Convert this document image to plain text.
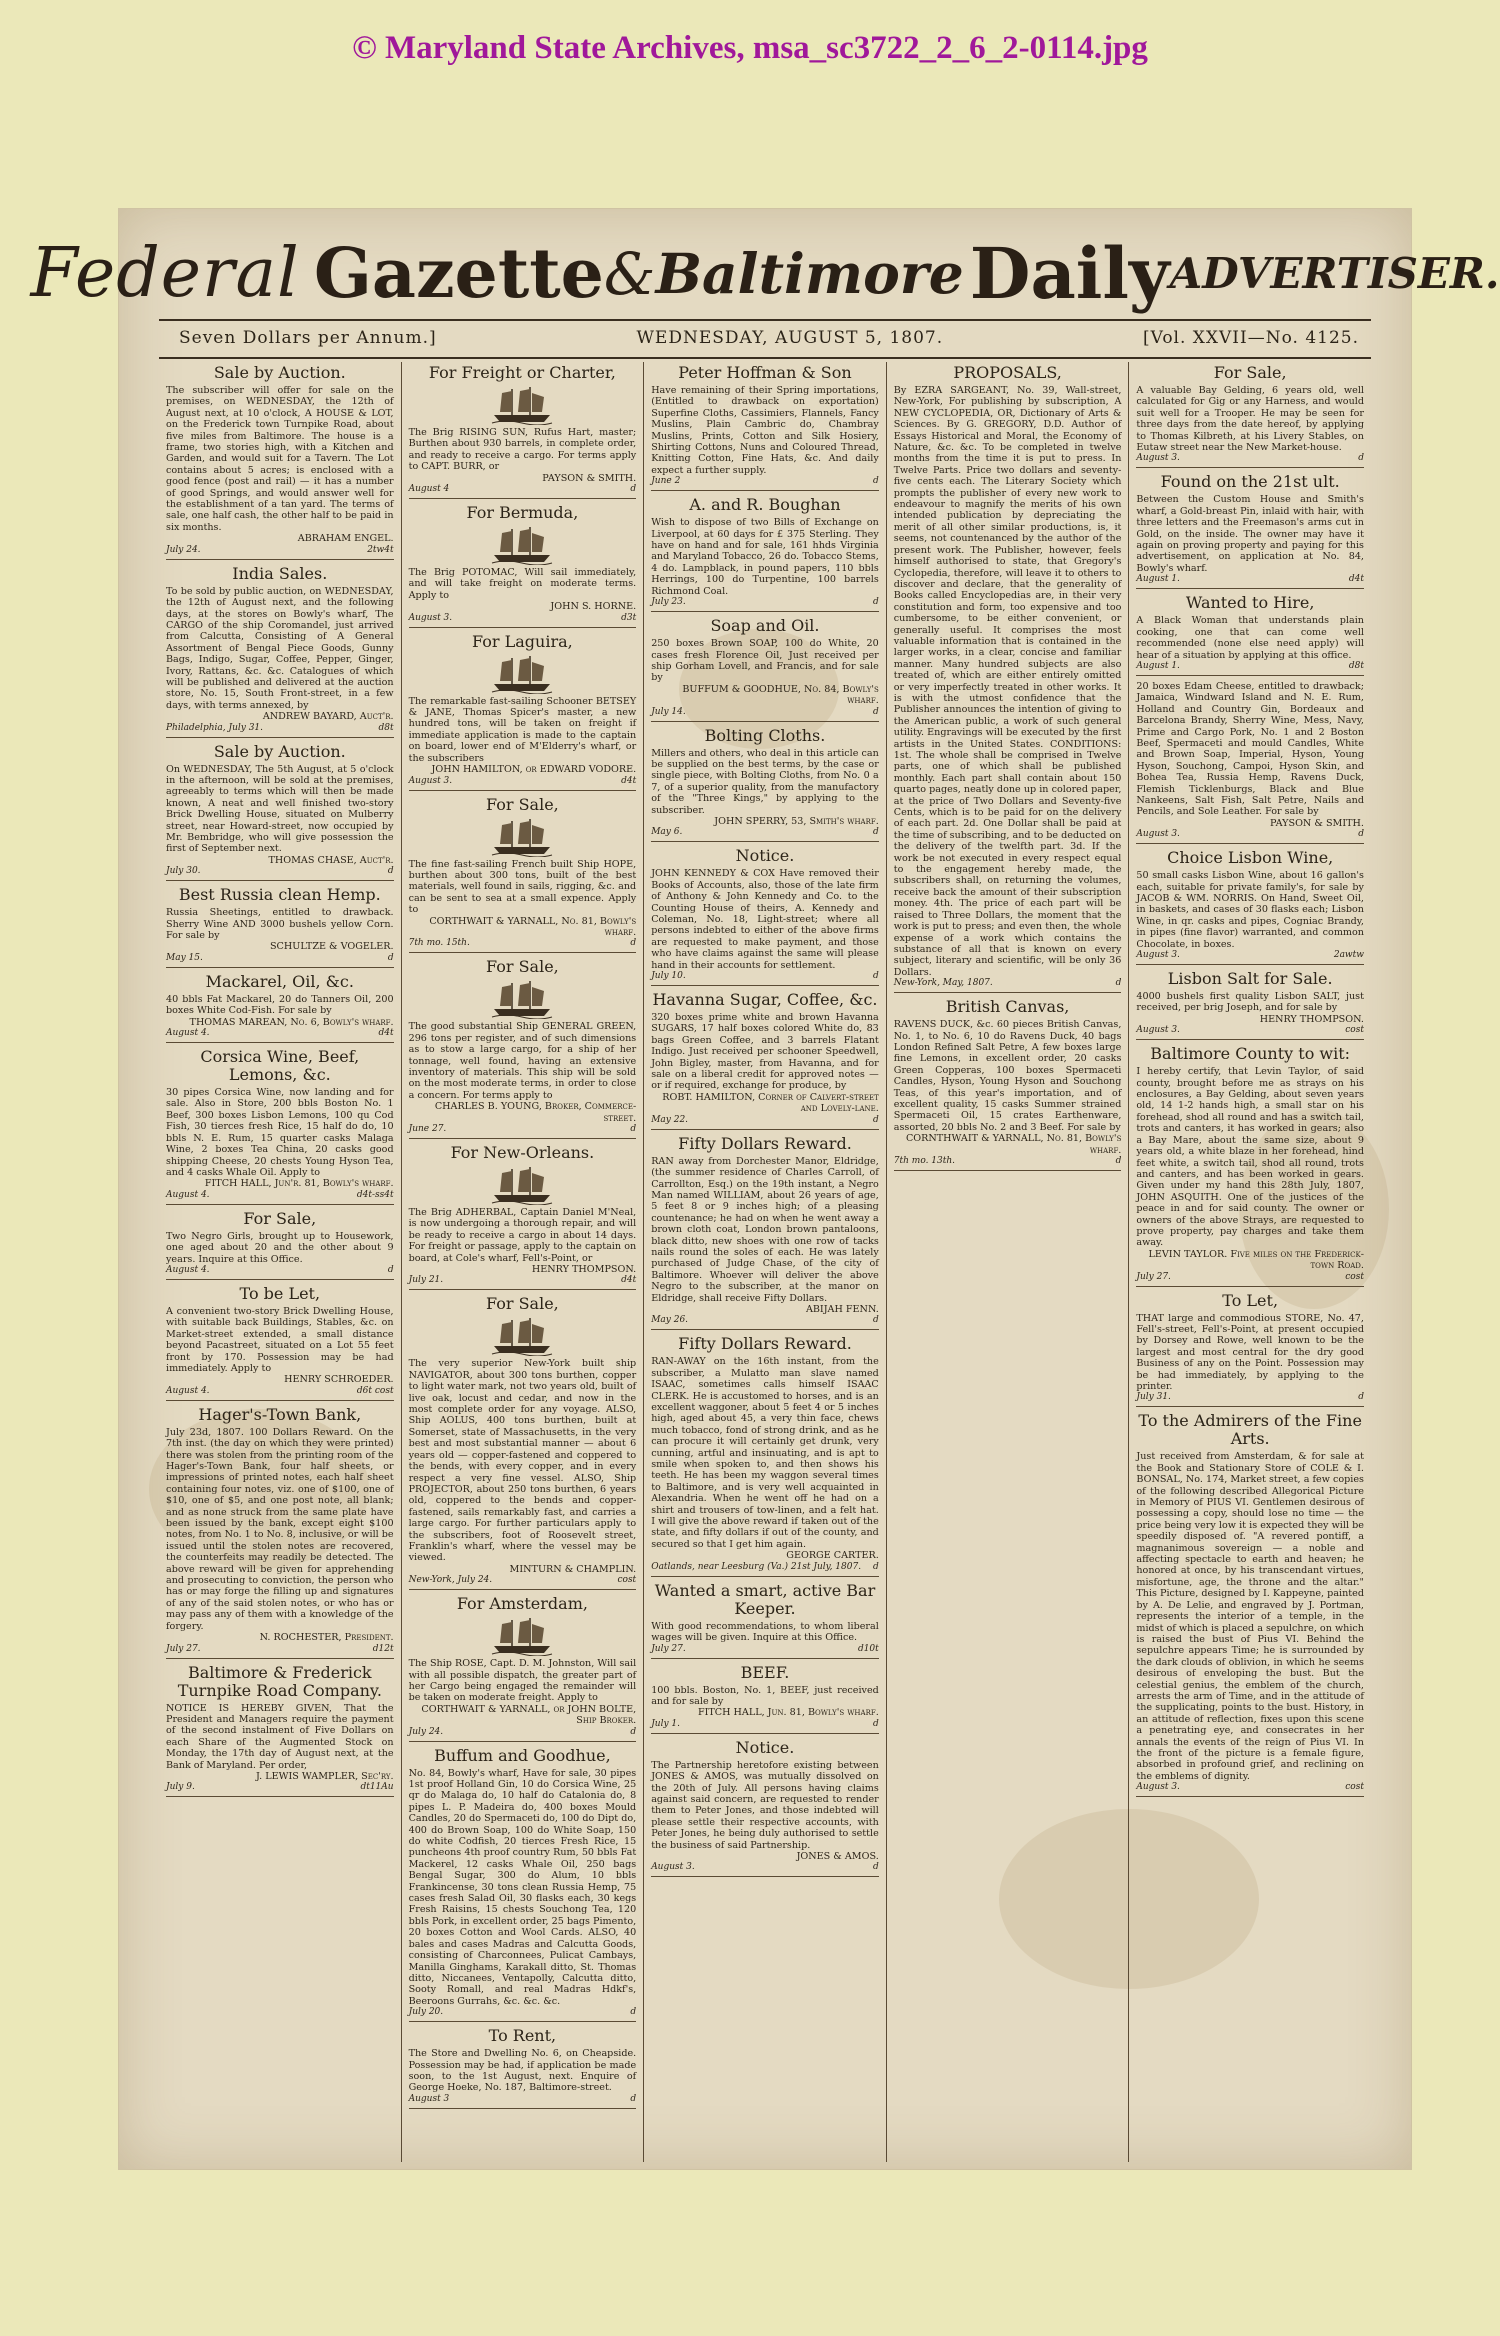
© Maryland State Archives, msa_sc3722_2_6_2-0114.jpg
Federal Gazette & Baltimore Daily ADVERTISER.
Seven Dollars per Annum.]	WEDNESDAY, AUGUST 5, 1807.	[Vol. XXVII—No. 4125.
Sale by Auction.
The subscriber will offer for sale on the premises, on WEDNESDAY, the 12th of August next, at 10 o'clock, A HOUSE & LOT, on the Frederick town Turnpike Road, about five miles from Baltimore. The house is a frame, two stories high, with a Kitchen and Garden, and would suit for a Tavern. The Lot contains about 5 acres; is enclosed with a good fence (post and rail) — it has a number of good Springs, and would answer well for the establishment of a tan yard. The terms of sale, one half cash, the other half to be paid in six months.
ABRAHAM ENGEL.
July 24.	2tw4t
India Sales.
To be sold by public auction, on WEDNESDAY, the 12th of August next, and the following days, at the stores on Bowly's wharf, The CARGO of the ship Coromandel, just arrived from Calcutta, Consisting of A General Assortment of Bengal Piece Goods, Gunny Bags, Indigo, Sugar, Coffee, Pepper, Ginger, Ivory, Rattans, &c. &c. Catalogues of which will be published and delivered at the auction store, No. 15, South Front-street, in a few days, with terms annexed, by
ANDREW BAYARD, Auct'r.
Philadelphia, July 31.	d8t
Sale by Auction.
On WEDNESDAY, The 5th August, at 5 o'clock in the afternoon, will be sold at the premises, agreeably to terms which will then be made known, A neat and well finished two-story Brick Dwelling House, situated on Mulberry street, near Howard-street, now occupied by Mr. Bembridge, who will give possession the first of September next.
THOMAS CHASE, Auct'r.
July 30.	d
Best Russia clean Hemp.
Russia Sheetings, entitled to drawback. Sherry Wine AND 3000 bushels yellow Corn. For sale by
SCHULTZE & VOGELER.
May 15.	d
Mackarel, Oil, &c.
40 bbls Fat Mackarel, 20 do Tanners Oil, 200 boxes White Cod-Fish. For sale by
THOMAS MAREAN, No. 6, Bowly's wharf.
August 4.	d4t
Corsica Wine, Beef, Lemons, &c.
30 pipes Corsica Wine, now landing and for sale. Also in Store, 200 bbls Boston No. 1 Beef, 300 boxes Lisbon Lemons, 100 qu Cod Fish, 30 tierces fresh Rice, 15 half do do, 10 bbls N. E. Rum, 15 quarter casks Malaga Wine, 2 boxes Tea China, 20 casks good shipping Cheese, 20 chests Young Hyson Tea, and 4 casks Whale Oil. Apply to
FITCH HALL, Jun'r. 81, Bowly's wharf.
August 4.	d4t-ss4t
For Sale,
Two Negro Girls, brought up to Housework, one aged about 20 and the other about 9 years. Inquire at this Office.
August 4.	d
To be Let,
A convenient two-story Brick Dwelling House, with suitable back Buildings, Stables, &c. on Market-street extended, a small distance beyond Pacastreet, situated on a Lot 55 feet front by 170. Possession may be had immediately. Apply to
HENRY SCHROEDER.
August 4.	d6t cost
Hager's-Town Bank,
July 23d, 1807. 100 Dollars Reward. On the 7th inst. (the day on which they were printed) there was stolen from the printing room of the Hager's-Town Bank, four half sheets, or impressions of printed notes, each half sheet containing four notes, viz. one of $100, one of $10, one of $5, and one post note, all blank; and as none struck from the same plate have been issued by the bank, except eight $100 notes, from No. 1 to No. 8, inclusive, or will be issued until the stolen notes are recovered, the counterfeits may readily be detected. The above reward will be given for apprehending and prosecuting to conviction, the person who has or may forge the filling up and signatures of any of the said stolen notes, or who has or may pass any of them with a knowledge of the forgery.
N. ROCHESTER, President.
July 27.	d12t
Baltimore & Frederick Turnpike Road Company.
NOTICE IS HEREBY GIVEN, That the President and Managers require the payment of the second instalment of Five Dollars on each Share of the Augmented Stock on Monday, the 17th day of August next, at the Bank of Maryland. Per order,
J. LEWIS WAMPLER, Sec'ry.
July 9.	dt11Au
For Freight or Charter,
The Brig RISING SUN, Rufus Hart, master; Burthen about 930 barrels, in complete order, and ready to receive a cargo. For terms apply to CAPT. BURR, or
PAYSON & SMITH.
August 4	d
For Bermuda,
The Brig POTOMAC, Will sail immediately, and will take freight on moderate terms. Apply to
JOHN S. HORNE.
August 3.	d3t
For Laguira,
The remarkable fast-sailing Schooner BETSEY & JANE, Thomas Spicer's master, a new hundred tons, will be taken on freight if immediate application is made to the captain on board, lower end of M'Elderry's wharf, or the subscribers
JOHN HAMILTON, or EDWARD VODORE.
August 3.	d4t
For Sale,
The fine fast-sailing French built Ship HOPE, burthen about 300 tons, built of the best materials, well found in sails, rigging, &c. and can be sent to sea at a small expence. Apply to
CORTHWAIT & YARNALL, No. 81, Bowly's wharf.
7th mo. 15th.	d
For Sale,
The good substantial Ship GENERAL GREEN, 296 tons per register, and of such dimensions as to stow a large cargo, for a ship of her tonnage, well found, having an extensive inventory of materials. This ship will be sold on the most moderate terms, in order to close a concern. For terms apply to
CHARLES B. YOUNG, Broker, Commerce-street.
June 27.	d
For New-Orleans.
The Brig ADHERBAL, Captain Daniel M'Neal, is now undergoing a thorough repair, and will be ready to receive a cargo in about 14 days. For freight or passage, apply to the captain on board, at Cole's wharf, Fell's-Point, or
HENRY THOMPSON.
July 21.	d4t
For Sale,
The very superior New-York built ship NAVIGATOR, about 300 tons burthen, copper to light water mark, not two years old, built of live oak, locust and cedar, and now in the most complete order for any voyage. ALSO, Ship AOLUS, 400 tons burthen, built at Somerset, state of Massachusetts, in the very best and most substantial manner — about 6 years old — copper-fastened and coppered to the bends, with every copper, and in every respect a very fine vessel. ALSO, Ship PROJECTOR, about 250 tons burthen, 6 years old, coppered to the bends and copper-fastened, sails remarkably fast, and carries a large cargo. For further particulars apply to the subscribers, foot of Roosevelt street, Franklin's wharf, where the vessel may be viewed.
MINTURN & CHAMPLIN.
New-York, July 24.	cost
For Amsterdam,
The Ship ROSE, Capt. D. M. Johnston, Will sail with all possible dispatch, the greater part of her Cargo being engaged the remainder will be taken on moderate freight. Apply to
CORTHWAIT & YARNALL, or JOHN BOLTE, Ship Broker.
July 24.	d
Buffum and Goodhue,
No. 84, Bowly's wharf, Have for sale, 30 pipes 1st proof Holland Gin, 10 do Corsica Wine, 25 qr do Malaga do, 10 half do Catalonia do, 8 pipes L. P. Madeira do, 400 boxes Mould Candles, 20 do Spermaceti do, 100 do Dipt do, 400 do Brown Soap, 100 do White Soap, 150 do white Codfish, 20 tierces Fresh Rice, 15 puncheons 4th proof country Rum, 50 bbls Fat Mackerel, 12 casks Whale Oil, 250 bags Bengal Sugar, 300 do Alum, 10 bbls Frankincense, 30 tons clean Russia Hemp, 75 cases fresh Salad Oil, 30 flasks each, 30 kegs Fresh Raisins, 15 chests Souchong Tea, 120 bbls Pork, in excellent order, 25 bags Pimento, 20 boxes Cotton and Wool Cards. ALSO, 40 bales and cases Madras and Calcutta Goods, consisting of Charconnees, Pulicat Cambays, Manilla Ginghams, Karakall ditto, St. Thomas ditto, Niccanees, Ventapolly, Calcutta ditto, Sooty Romall, and real Madras Hdkf's, Beeroons Gurrahs, &c. &c. &c.
July 20.	d
To Rent,
The Store and Dwelling No. 6, on Cheapside. Possession may be had, if application be made soon, to the 1st August, next. Enquire of George Hoeke, No. 187, Baltimore-street.
August 3	d
Peter Hoffman & Son
Have remaining of their Spring importations, (Entitled to drawback on exportation) Superfine Cloths, Cassimiers, Flannels, Fancy Muslins, Plain Cambric do, Chambray Muslins, Prints, Cotton and Silk Hosiery, Shirting Cottons, Nuns and Coloured Thread, Knitting Cotton, Fine Hats, &c. And daily expect a further supply.
June 2	d
A. and R. Boughan
Wish to dispose of two Bills of Exchange on Liverpool, at 60 days for £ 375 Sterling. They have on hand and for sale, 161 hhds Virginia and Maryland Tobacco, 26 do. Tobacco Stems, 4 do. Lampblack, in pound papers, 110 bbls Herrings, 100 do Turpentine, 100 barrels Richmond Coal.
July 23.	d
Soap and Oil.
250 boxes Brown SOAP, 100 do White, 20 cases fresh Florence Oil, Just received per ship Gorham Lovell, and Francis, and for sale by
BUFFUM & GOODHUE, No. 84, Bowly's wharf.
July 14.	d
Bolting Cloths.
Millers and others, who deal in this article can be supplied on the best terms, by the case or single piece, with Bolting Cloths, from No. 0 a 7, of a superior quality, from the manufactory of the "Three Kings," by applying to the subscriber.
JOHN SPERRY, 53, Smith's wharf.
May 6.	d
Notice.
JOHN KENNEDY & COX Have removed their Books of Accounts, also, those of the late firm of Anthony & John Kennedy and Co. to the Counting House of theirs, A. Kennedy and Coleman, No. 18, Light-street; where all persons indebted to either of the above firms are requested to make payment, and those who have claims against the same will please hand in their accounts for settlement.
July 10.	d
Havanna Sugar, Coffee, &c.
320 boxes prime white and brown Havanna SUGARS, 17 half boxes colored White do, 83 bags Green Coffee, and 3 barrels Flatant Indigo. Just received per schooner Speedwell, John Bigley, master, from Havanna, and for sale on a liberal credit for approved notes — or if required, exchange for produce, by
ROBT. HAMILTON, Corner of Calvert-street and Lovely-lane.
May 22.	d
Fifty Dollars Reward.
RAN away from Dorchester Manor, Eldridge, (the summer residence of Charles Carroll, of Carrollton, Esq.) on the 19th instant, a Negro Man named WILLIAM, about 26 years of age, 5 feet 8 or 9 inches high; of a pleasing countenance; he had on when he went away a brown cloth coat, London brown pantaloons, black ditto, new shoes with one row of tacks nails round the soles of each. He was lately purchased of Judge Chase, of the city of Baltimore. Whoever will deliver the above Negro to the subscriber, at the manor on Eldridge, shall receive Fifty Dollars.
ABIJAH FENN.
May 26.	d
Fifty Dollars Reward.
RAN-AWAY on the 16th instant, from the subscriber, a Mulatto man slave named ISAAC, sometimes calls himself ISAAC CLERK. He is accustomed to horses, and is an excellent waggoner, about 5 feet 4 or 5 inches high, aged about 45, a very thin face, chews much tobacco, fond of strong drink, and as he can procure it will certainly get drunk, very cunning, artful and insinuating, and is apt to smile when spoken to, and then shows his teeth. He has been my waggon several times to Baltimore, and is very well acquainted in Alexandria. When he went off he had on a shirt and trousers of tow-linen, and a felt hat. I will give the above reward if taken out of the state, and fifty dollars if out of the county, and secured so that I get him again.
GEORGE CARTER.
Oatlands, near Leesburg (Va.) 21st July, 1807. d
Wanted a smart, active Bar Keeper.
With good recommendations, to whom liberal wages will be given. Inquire at this Office.
July 27.	d10t
BEEF.
100 bbls. Boston, No. 1, BEEF, just received and for sale by
FITCH HALL, Jun. 81, Bowly's wharf.
July 1.	d
Notice.
The Partnership heretofore existing between JONES & AMOS, was mutually dissolved on the 20th of July. All persons having claims against said concern, are requested to render them to Peter Jones, and those indebted will please settle their respective accounts, with Peter Jones, he being duly authorised to settle the business of said Partnership.
JONES & AMOS.
August 3.	d
PROPOSALS,
By EZRA SARGEANT, No. 39, Wall-street, New-York, For publishing by subscription, A NEW CYCLOPEDIA, OR, Dictionary of Arts & Sciences. By G. GREGORY, D.D. Author of Essays Historical and Moral, the Economy of Nature, &c. &c. To be completed in twelve months from the time it is put to press. In Twelve Parts. Price two dollars and seventy-five cents each. The Literary Society which prompts the publisher of every new work to endeavour to magnify the merits of his own intended publication by depreciating the merit of all other similar productions, is, it seems, not countenanced by the author of the present work. The Publisher, however, feels himself authorised to state, that Gregory's Cyclopedia, therefore, will leave it to others to discover and declare, that the generality of Books called Encyclopedias are, in their very constitution and form, too expensive and too cumbersome, to be either convenient, or generally useful. It comprises the most valuable information that is contained in the larger works, in a clear, concise and familiar manner. Many hundred subjects are also treated of, which are either entirely omitted or very imperfectly treated in other works. It is with the utmost confidence that the Publisher announces the intention of giving to the American public, a work of such general utility. Engravings will be executed by the first artists in the United States. CONDITIONS: 1st. The whole shall be comprised in Twelve parts, one of which shall be published monthly. Each part shall contain about 150 quarto pages, neatly done up in colored paper, at the price of Two Dollars and Seventy-five Cents, which is to be paid for on the delivery of each part. 2d. One Dollar shall be paid at the time of subscribing, and to be deducted on the delivery of the twelfth part. 3d. If the work be not executed in every respect equal to the engagement hereby made, the subscribers shall, on returning the volumes, receive back the amount of their subscription money. 4th. The price of each part will be raised to Three Dollars, the moment that the work is put to press; and even then, the whole expense of a work which contains the substance of all that is known on every subject, literary and scientific, will be only 36 Dollars.
New-York, May, 1807.	d
British Canvas,
RAVENS DUCK, &c. 60 pieces British Canvas, No. 1, to No. 6, 10 do Ravens Duck, 40 bags London Refined Salt Petre, A few boxes large fine Lemons, in excellent order, 20 casks Green Copperas, 100 boxes Spermaceti Candles, Hyson, Young Hyson and Souchong Teas, of this year's importation, and of excellent quality, 15 casks Summer strained Spermaceti Oil, 15 crates Earthenware, assorted, 20 bbls No. 2 and 3 Beef. For sale by
CORNTHWAIT & YARNALL, No. 81, Bowly's wharf.
7th mo. 13th.	d
For Sale,
A valuable Bay Gelding, 6 years old, well calculated for Gig or any Harness, and would suit well for a Trooper. He may be seen for three days from the date hereof, by applying to Thomas Kilbreth, at his Livery Stables, on Eutaw street near the New Market-house.
August 3.	d
Found on the 21st ult.
Between the Custom House and Smith's wharf, a Gold-breast Pin, inlaid with hair, with three letters and the Freemason's arms cut in Gold, on the inside. The owner may have it again on proving property and paying for this advertisement, on application at No. 84, Bowly's wharf.
August 1.	d4t
Wanted to Hire,
A Black Woman that understands plain cooking, one that can come well recommended (none else need apply) will hear of a situation by applying at this office.
August 1.	d8t
20 boxes Edam Cheese, entitled to drawback; Jamaica, Windward Island and N. E. Rum, Holland and Country Gin, Bordeaux and Barcelona Brandy, Sherry Wine, Mess, Navy, Prime and Cargo Pork, No. 1 and 2 Boston Beef, Spermaceti and mould Candles, White and Brown Soap, Imperial, Hyson, Young Hyson, Souchong, Campoi, Hyson Skin, and Bohea Tea, Russia Hemp, Ravens Duck, Flemish Ticklenburgs, Black and Blue Nankeens, Salt Fish, Salt Petre, Nails and Pencils, and Sole Leather. For sale by
PAYSON & SMITH.
August 3.	d
Choice Lisbon Wine,
50 small casks Lisbon Wine, about 16 gallon's each, suitable for private family's, for sale by JACOB & WM. NORRIS. On Hand, Sweet Oil, in baskets, and cases of 30 flasks each; Lisbon Wine, in qr. casks and pipes, Cogniac Brandy, in pipes (fine flavor) warranted, and common Chocolate, in boxes.
August 3.	2awtw
Lisbon Salt for Sale.
4000 bushels first quality Lisbon SALT, just received, per brig Joseph, and for sale by
HENRY THOMPSON.
August 3.	cost
Baltimore County to wit:
I hereby certify, that Levin Taylor, of said county, brought before me as strays on his enclosures, a Bay Gelding, about seven years old, 14 1-2 hands high, a small star on his forehead, shod all round and has a switch tail, trots and canters, it has worked in gears; also a Bay Mare, about the same size, about 9 years old, a white blaze in her forehead, hind feet white, a switch tail, shod all round, trots and canters, and has been worked in gears. Given under my hand this 28th July, 1807, JOHN ASQUITH. One of the justices of the peace in and for said county. The owner or owners of the above Strays, are requested to prove property, pay charges and take them away.
LEVIN TAYLOR. Five miles on the Frederick-town Road.
July 27.	cost
To Let,
THAT large and commodious STORE, No. 47, Fell's-street, Fell's-Point, at present occupied by Dorsey and Rowe, well known to be the largest and most central for the dry good Business of any on the Point. Possession may be had immediately, by applying to the printer.
July 31.	d
To the Admirers of the Fine Arts.
Just received from Amsterdam, & for sale at the Book and Stationary Store of COLE & I. BONSAL, No. 174, Market street, a few copies of the following described Allegorical Picture in Memory of PIUS VI. Gentlemen desirous of possessing a copy, should lose no time — the price being very low it is expected they will be speedily disposed of. "A revered pontiff, a magnanimous sovereign — a noble and affecting spectacle to earth and heaven; he honored at once, by his transcendant virtues, misfortune, age, the throne and the altar." This Picture, designed by I. Kappeyne, painted by A. De Lelie, and engraved by J. Portman, represents the interior of a temple, in the midst of which is placed a sepulchre, on which is raised the bust of Pius VI. Behind the sepulchre appears Time; he is surrounded by the dark clouds of oblivion, in which he seems desirous of enveloping the bust. But the celestial genius, the emblem of the church, arrests the arm of Time, and in the attitude of the supplicating, points to the bust. History, in an attitude of reflection, fixes upon this scene a penetrating eye, and consecrates in her annals the events of the reign of Pius VI. In the front of the picture is a female figure, absorbed in profound grief, and reclining on the emblems of dignity.
August 3.	cost
